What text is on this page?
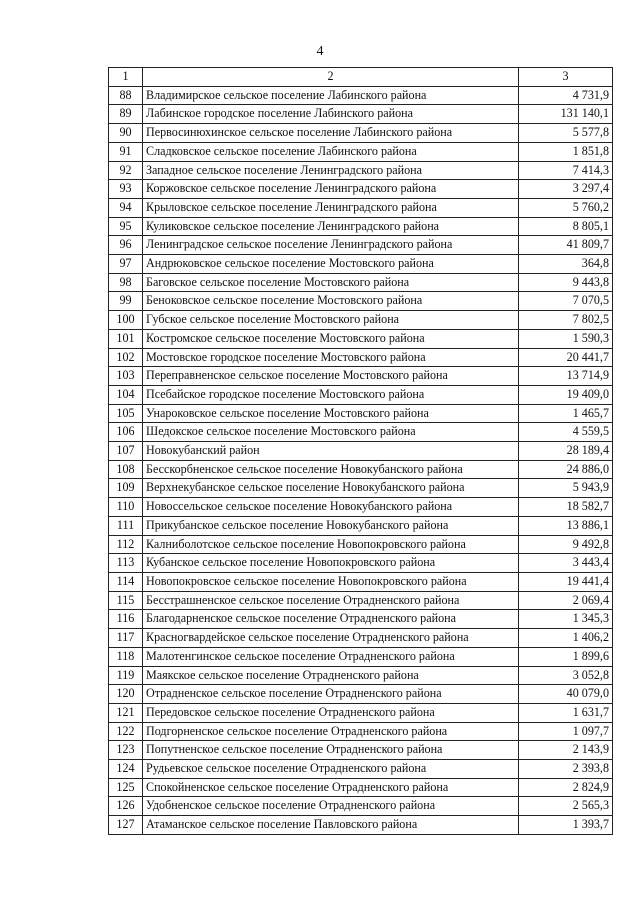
4
1	2	3
88	Владимирское сельское поселение Лабинского района	4 731,9
89	Лабинское городское поселение Лабинского района	131 140,1
90	Первосинюхинское сельское поселение Лабинского района	5 577,8
91	Сладковское сельское поселение Лабинского района	1 851,8
92	Западное сельское поселение Ленинградского района	7 414,3
93	Коржовское сельское поселение Ленинградского района	3 297,4
94	Крыловское сельское поселение Ленинградского района	5 760,2
95	Куликовское сельское поселение Ленинградского района	8 805,1
96	Ленинградское сельское поселение Ленинградского района	41 809,7
97	Андрюковское сельское поселение Мостовского района	364,8
98	Баговское сельское поселение Мостовского района	9 443,8
99	Беноковское сельское поселение Мостовского района	7 070,5
100	Губское сельское поселение Мостовского района	7 802,5
101	Костромское сельское поселение Мостовского района	1 590,3
102	Мостовское городское поселение Мостовского района	20 441,7
103	Переправненское сельское поселение Мостовского района	13 714,9
104	Псебайское городское поселение Мостовского района	19 409,0
105	Унароковское сельское поселение Мостовского района	1 465,7
106	Шедокское сельское поселение Мостовского района	4 559,5
107	Новокубанский район	28 189,4
108	Бесскорбненское сельское поселение Новокубанского района	24 886,0
109	Верхнекубанское сельское поселение Новокубанского района	5 943,9
110	Новоссельское сельское поселение Новокубанского района	18 582,7
111	Прикубанское сельское поселение Новокубанского района	13 886,1
112	Калниболотское сельское поселение Новопокровского района	9 492,8
113	Кубанское сельское поселение Новопокровского района	3 443,4
114	Новопокровское сельское поселение Новопокровского района	19 441,4
115	Бесстрашненское сельское поселение Отрадненского района	2 069,4
116	Благодарненское сельское поселение Отрадненского района	1 345,3
117	Красногвардейское сельское поселение Отрадненского района	1 406,2
118	Малотенгинское сельское поселение Отрадненского района	1 899,6
119	Маякское сельское поселение Отрадненского района	3 052,8
120	Отрадненское сельское поселение Отрадненского района	40 079,0
121	Передовское сельское поселение Отрадненского района	1 631,7
122	Подгорненское сельское поселение Отрадненского района	1 097,7
123	Попутненское сельское поселение Отрадненского района	2 143,9
124	Рудьевское сельское поселение Отрадненского района	2 393,8
125	Спокойненское сельское поселение Отрадненского района	2 824,9
126	Удобненское сельское поселение Отрадненского района	2 565,3
127	Атаманское сельское поселение Павловского района	1 393,7
